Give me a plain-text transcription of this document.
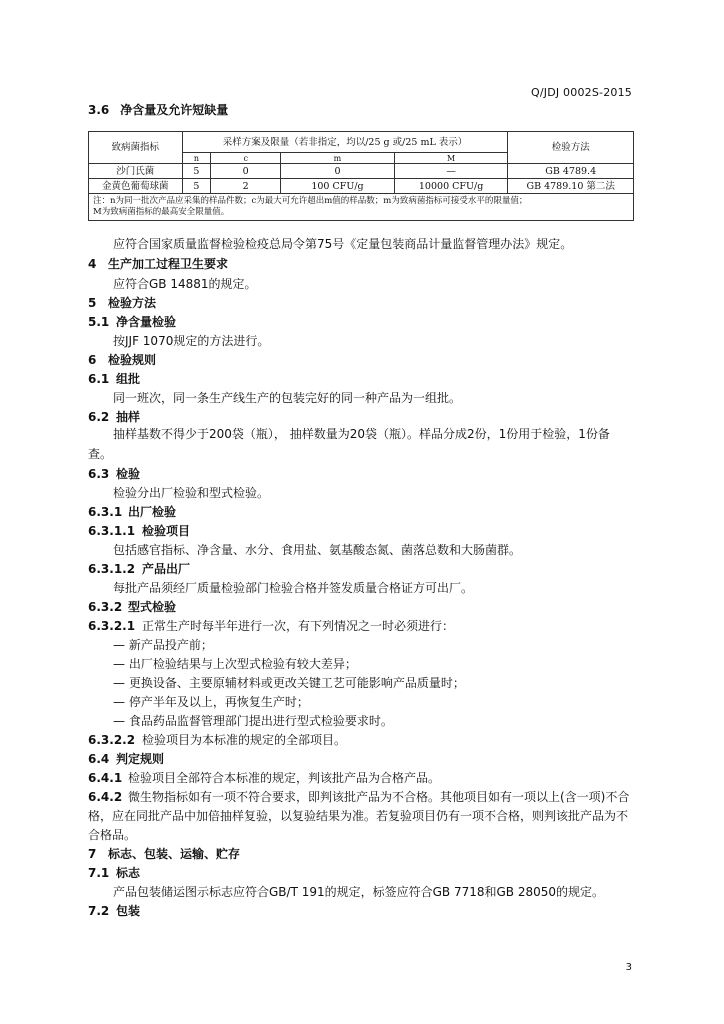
Q/JDJ 0002S-2015
3.6 净含量及允许短缺量
致病菌指标	采样方案及限量（若非指定，均以/25 g 或/25 mL 表示）				检验方法
	n	c	m	M	
沙门氏菌	5	0	0	—	GB 4789.4
金黄色葡萄球菌	5	2	100 CFU/g	10000 CFU/g	GB 4789.10 第二法

注：n为同一批次产品应采集的样品件数；c为最大可允许超出m值的样品数；m为致病菌指标可接受水平的限量值；
M为致病菌指标的最高安全限量值。					
应符合国家质量监督检验检疫总局令第75号《定量包装商品计量监督管理办法》规定。
4 生产加工过程卫生要求
应符合GB 14881的规定。
5 检验方法
5.1 净含量检验
按JJF 1070规定的方法进行。
6 检验规则
6.1 组批
同一班次，同一条生产线生产的包装完好的同一种产品为一组批。
6.2 抽样
抽样基数不得少于200袋（瓶）， 抽样数量为20袋（瓶）。样品分成2份，1份用于检验，1份备查。
6.3 检验
检验分出厂检验和型式检验。
6.3.1 出厂检验
6.3.1.1 检验项目
包括感官指标、净含量、水分、食用盐、氨基酸态氮、菌落总数和大肠菌群。
6.3.1.2 产品出厂
每批产品须经厂质量检验部门检验合格并签发质量合格证方可出厂。
6.3.2 型式检验
6.3.2.1 正常生产时每半年进行一次，有下列情况之一时必须进行：
— 新产品投产前；
— 出厂检验结果与上次型式检验有较大差异；
— 更换设备、主要原辅材料或更改关键工艺可能影响产品质量时；
— 停产半年及以上，再恢复生产时；
— 食品药品监督管理部门提出进行型式检验要求时。
6.3.2.2 检验项目为本标准的规定的全部项目。
6.4 判定规则
6.4.1 检验项目全部符合本标准的规定，判该批产品为合格产品。
6.4.2 微生物指标如有一项不符合要求，即判该批产品为不合格。其他项目如有一项以上(含一项)不合格，应在同批产品中加倍抽样复验，以复验结果为准。若复验项目仍有一项不合格，则判该批产品为不合格品。
7 标志、包装、运输、贮存
7.1 标志
产品包装储运图示标志应符合GB/T 191的规定，标签应符合GB 7718和GB 28050的规定。
7.2 包装
3
